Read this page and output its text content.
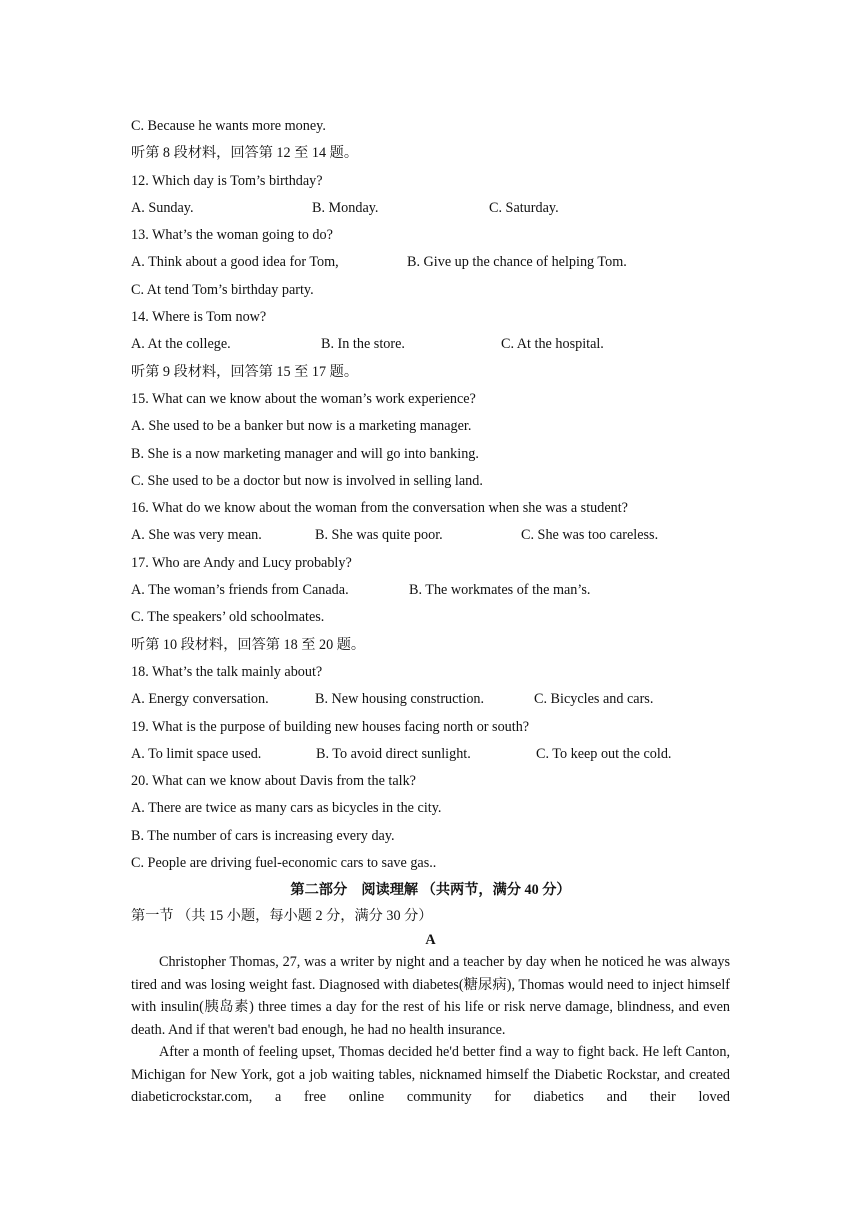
C. Because he wants more money.
听第 8 段材料，回答第 12 至 14 题。
12. Which day is Tom’s birthday?
A. Sunday.	B. Monday.	C. Saturday.
13. What’s the woman going to do?
A. Think about a good idea for Tom,	B. Give up the chance of helping Tom.
C. At tend Tom’s birthday party.
14. Where is Tom now?
A. At the college.	B. In the store.	C. At the hospital.
听第 9 段材料，回答第 15 至 17 题。
15. What can we know about the woman’s work experience?
A. She used to be a banker but now is a marketing manager.
B. She is a now marketing manager and will go into banking.
C. She used to be a doctor but now is involved in selling land.
16. What do we know about the woman from the conversation when she was a student?
A. She was very mean.	B. She was quite poor.	C. She was too careless.
17. Who are Andy and Lucy probably?
A. The woman’s friends from Canada.	B. The workmates of the man’s.
C. The speakers’ old schoolmates.
听第 10 段材料，回答第 18 至 20 题。
18. What’s the talk mainly about?
A. Energy conversation.	B. New housing construction.	C. Bicycles and cars.
19. What is the purpose of building new houses facing north or south?
A. To limit space used.	B. To avoid direct sunlight.	C. To keep out the cold.
20. What can we know about Davis from the talk?
A. There are twice as many cars as bicycles in the city.
B. The number of cars is increasing every day.
C. People are driving fuel-economic cars to save gas..
第二部分　阅读理解 （共两节，满分 40 分）
第一节 （共 15 小题，每小题 2 分，满分 30 分）
A

Christopher Thomas, 27, was a writer by night and a teacher by day when he noticed he was always tired and was losing weight fast. Diagnosed with diabetes(糖尿病), Thomas would need to inject himself with insulin(胰岛素) three times a day for the rest of his life or risk nerve damage, blindness, and even death. And if that weren't bad enough, he had no health insurance.

After a month of feeling upset, Thomas decided he'd better find a way to fight back. He left Canton, Michigan for New York, got a job waiting tables, nicknamed himself the Diabetic Rockstar, and created diabeticrockstar.com, a free online community for diabetics and their loved
